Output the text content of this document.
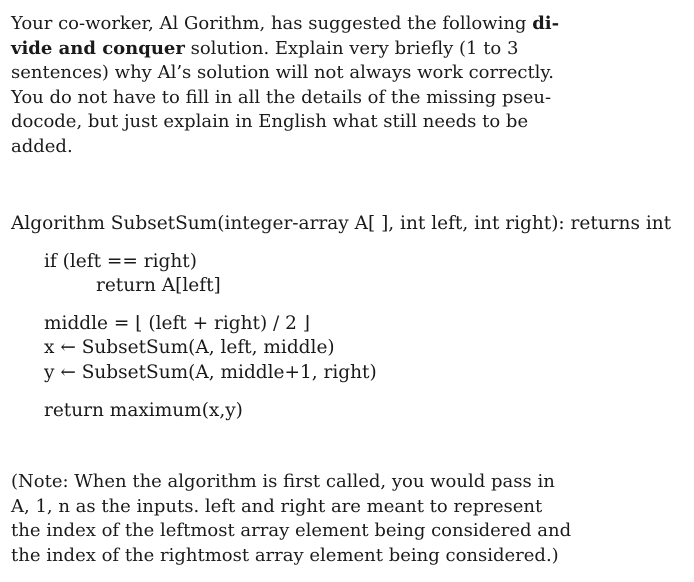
Your co-worker, Al Gorithm, has suggested the following di-
vide and conquer solution. Explain very briefly (1 to 3
sentences) why Al’s solution will not always work correctly.
You do not have to fill in all the details of the missing pseu-
docode, but just explain in English what still needs to be
added.
Algorithm SubsetSum(integer-array A[ ], int left, int right): returns int
if (left == right)
return A[left]
middle = ⌊ (left + right) / 2 ⌋
x ← SubsetSum(A, left, middle)
y ← SubsetSum(A, middle+1, right)
return maximum(x,y)
(Note: When the algorithm is first called, you would pass in
A, 1, n as the inputs. left and right are meant to represent
the index of the leftmost array element being considered and
the index of the rightmost array element being considered.)
